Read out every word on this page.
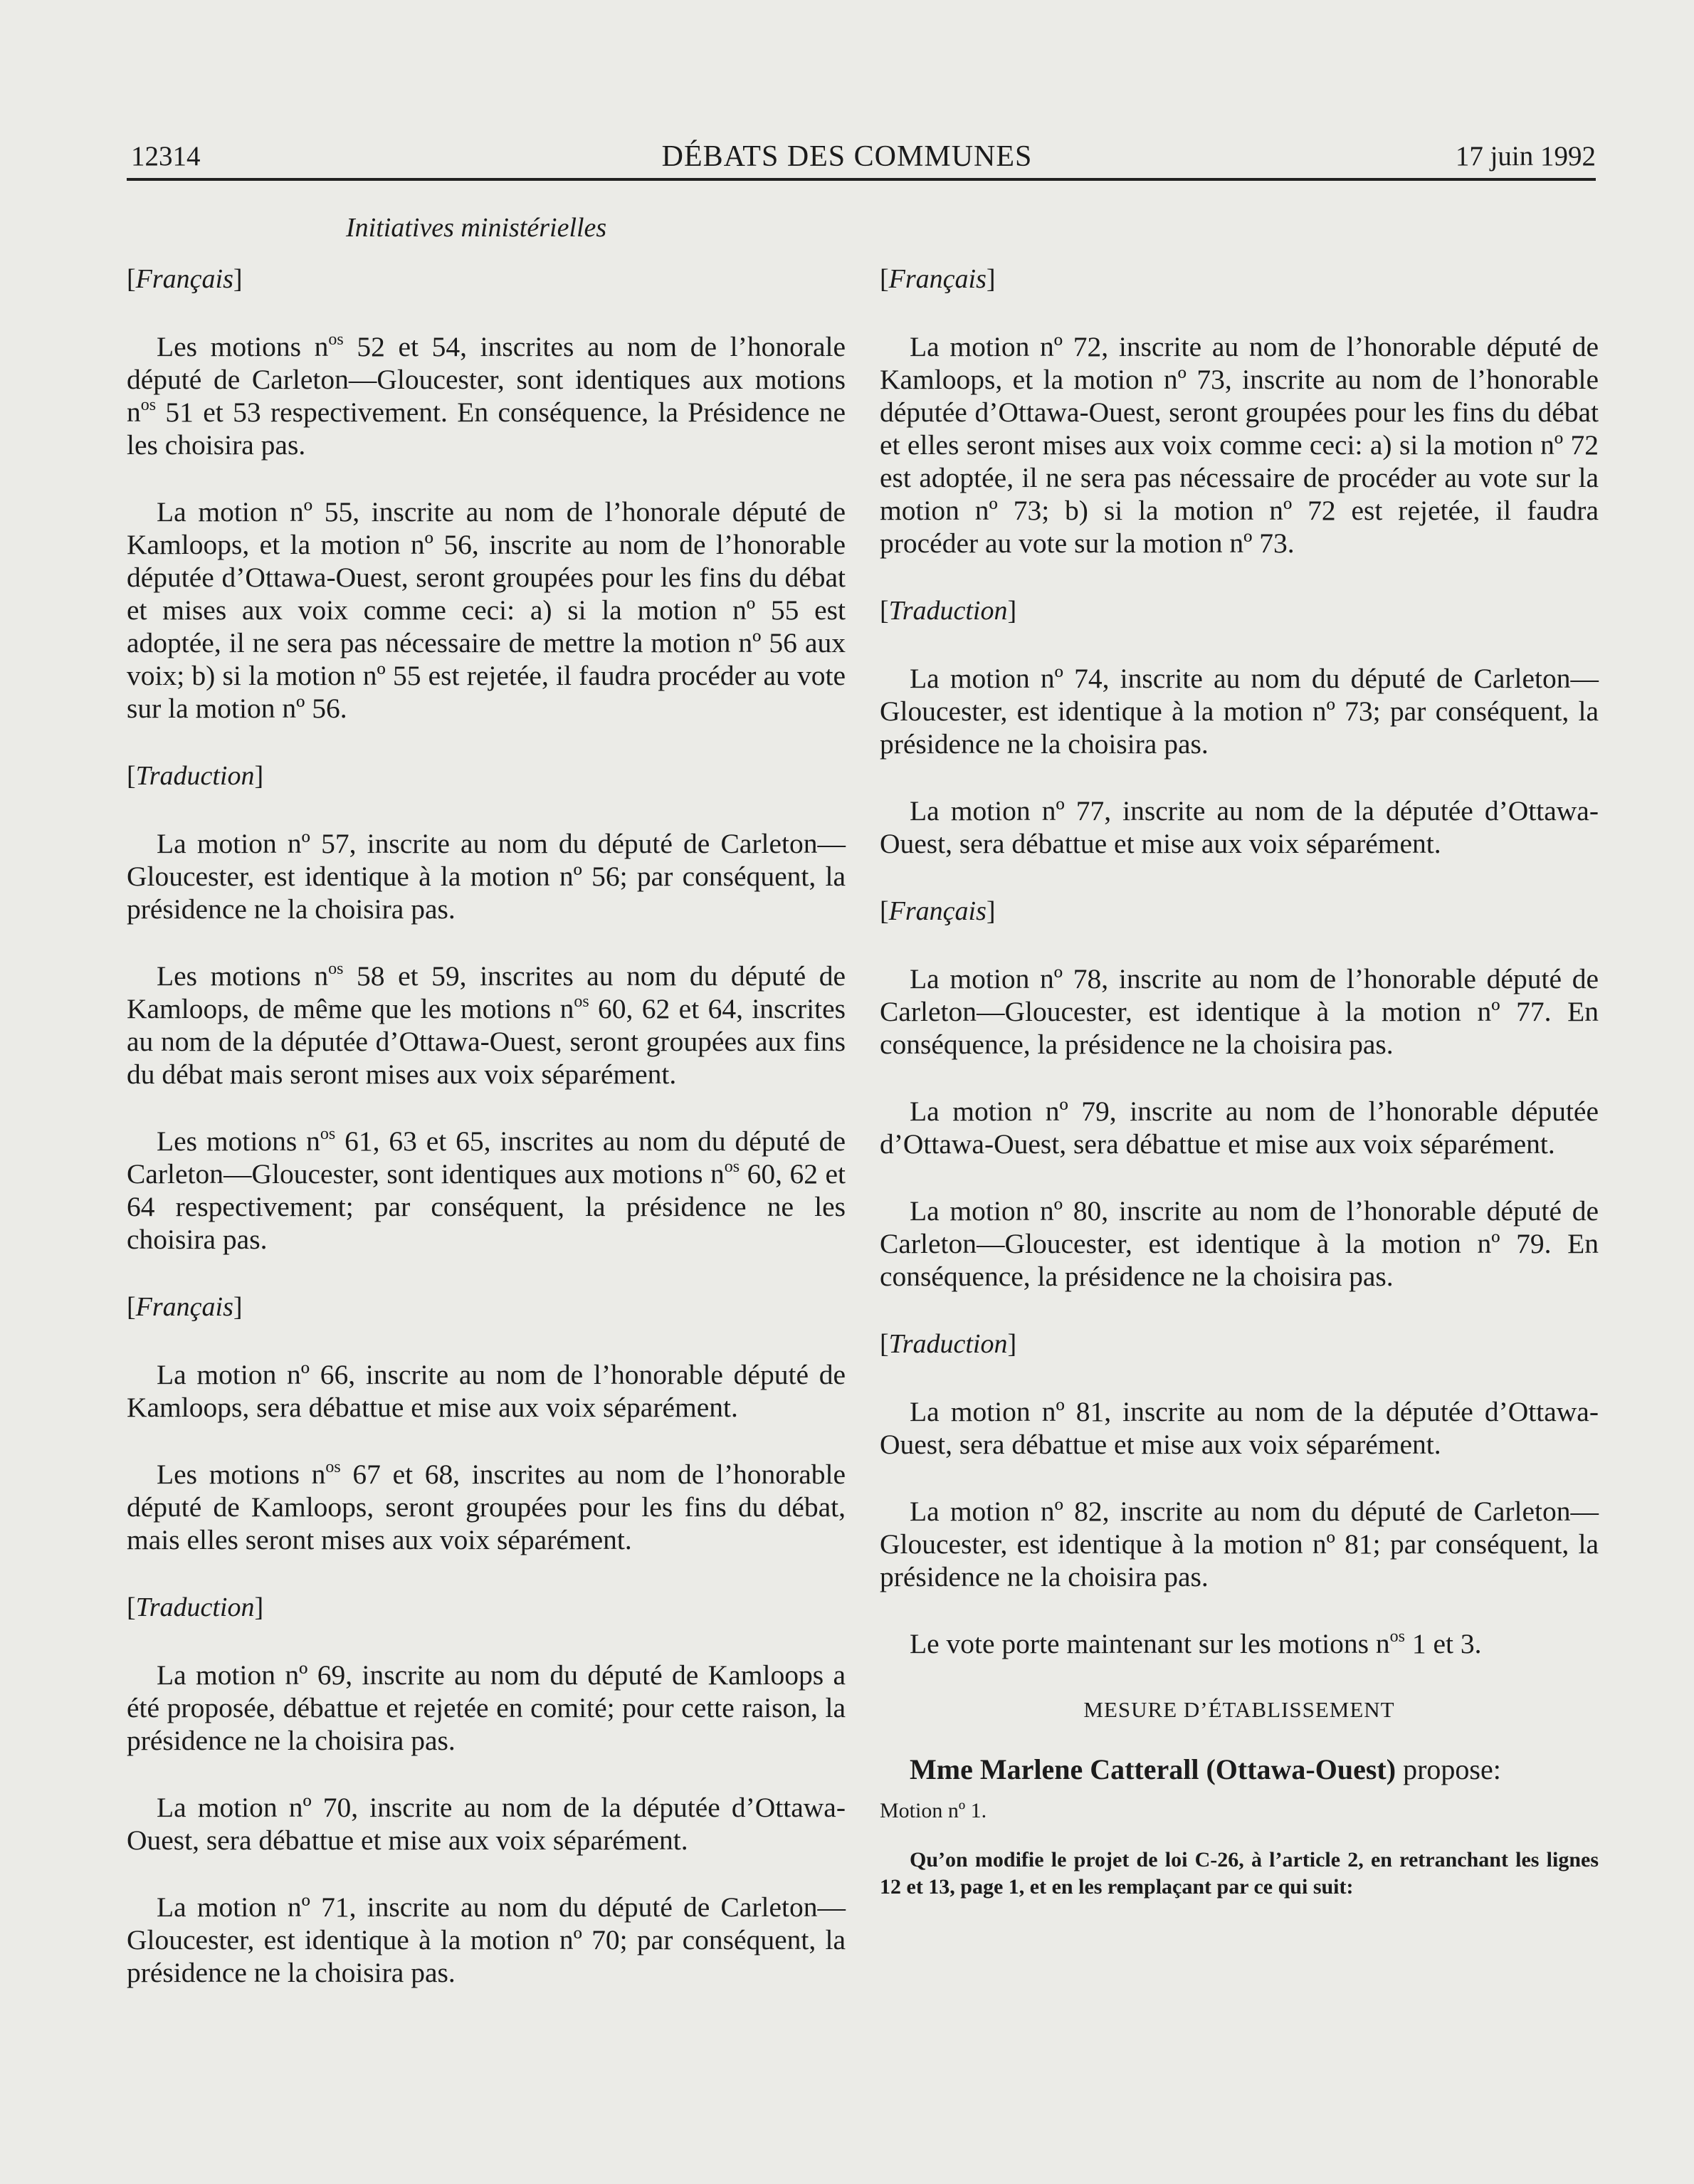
12314	DÉBATS DES COMMUNES	17 juin 1992
Initiatives ministérielles
[Français]

Les motions $n^{os}$ 52 et 54, inscrites au nom de l’honorale député de Carleton—Gloucester, sont identiques aux motions $n^{os}$ 51 et 53 respectivement. En conséquence, la Présidence ne les choisira pas.

La motion nº 55, inscrite au nom de l’honorale député de Kamloops, et la motion nº 56, inscrite au nom de l’honorable députée d’Ottawa-Ouest, seront groupées pour les fins du débat et mises aux voix comme ceci: a) si la motion nº 55 est adoptée, il ne sera pas nécessaire de mettre la motion nº 56 aux voix; b) si la motion nº 55 est rejetée, il faudra procéder au vote sur la motion nº 56.

[Traduction]

La motion nº 57, inscrite au nom du député de Carleton—Gloucester, est identique à la motion nº 56; par conséquent, la présidence ne la choisira pas.

Les motions $n^{os}$ 58 et 59, inscrites au nom du député de Kamloops, de même que les motions $n^{os}$ 60, 62 et 64, inscrites au nom de la députée d’Ottawa-Ouest, seront groupées aux fins du débat mais seront mises aux voix séparément.

Les motions $n^{os}$ 61, 63 et 65, inscrites au nom du député de Carleton—Gloucester, sont identiques aux motions $n^{os}$ 60, 62 et 64 respectivement; par conséquent, la présidence ne les choisira pas.

[Français]

La motion nº 66, inscrite au nom de l’honorable député de Kamloops, sera débattue et mise aux voix séparément.

Les motions $n^{os}$ 67 et 68, inscrites au nom de l’honorable député de Kamloops, seront groupées pour les fins du débat, mais elles seront mises aux voix séparément.

[Traduction]

La motion nº 69, inscrite au nom du député de Kamloops a été proposée, débattue et rejetée en comité; pour cette raison, la présidence ne la choisira pas.

La motion nº 70, inscrite au nom de la députée d’Ottawa-Ouest, sera débattue et mise aux voix séparément.

La motion nº 71, inscrite au nom du député de Carleton—Gloucester, est identique à la motion nº 70; par conséquent, la présidence ne la choisira pas.

[Français]

La motion nº 72, inscrite au nom de l’honorable député de Kamloops, et la motion nº 73, inscrite au nom de l’honorable députée d’Ottawa-Ouest, seront groupées pour les fins du débat et elles seront mises aux voix comme ceci: a) si la motion nº 72 est adoptée, il ne sera pas nécessaire de procéder au vote sur la motion nº 73; b) si la motion nº 72 est rejetée, il faudra procéder au vote sur la motion nº 73.

[Traduction]

La motion nº 74, inscrite au nom du député de Carleton—Gloucester, est identique à la motion nº 73; par conséquent, la présidence ne la choisira pas.

La motion nº 77, inscrite au nom de la députée d’Ottawa-Ouest, sera débattue et mise aux voix séparément.

[Français]

La motion nº 78, inscrite au nom de l’honorable député de Carleton—Gloucester, est identique à la motion nº 77. En conséquence, la présidence ne la choisira pas.

La motion nº 79, inscrite au nom de l’honorable députée d’Ottawa-Ouest, sera débattue et mise aux voix séparément.

La motion nº 80, inscrite au nom de l’honorable député de Carleton—Gloucester, est identique à la motion nº 79. En conséquence, la présidence ne la choisira pas.

[Traduction]

La motion nº 81, inscrite au nom de la députée d’Ottawa-Ouest, sera débattue et mise aux voix séparément.

La motion nº 82, inscrite au nom du député de Carleton—Gloucester, est identique à la motion nº 81; par conséquent, la présidence ne la choisira pas.

Le vote porte maintenant sur les motions $n^{os}$ 1 et 3.

MESURE D’ÉTABLISSEMENT

Mme Marlene Catterall (Ottawa-Ouest) propose:

Motion nº 1.

Qu’on modifie le projet de loi C-26, à l’article 2, en retranchant les lignes 12 et 13, page 1, et en les remplaçant par ce qui suit:
